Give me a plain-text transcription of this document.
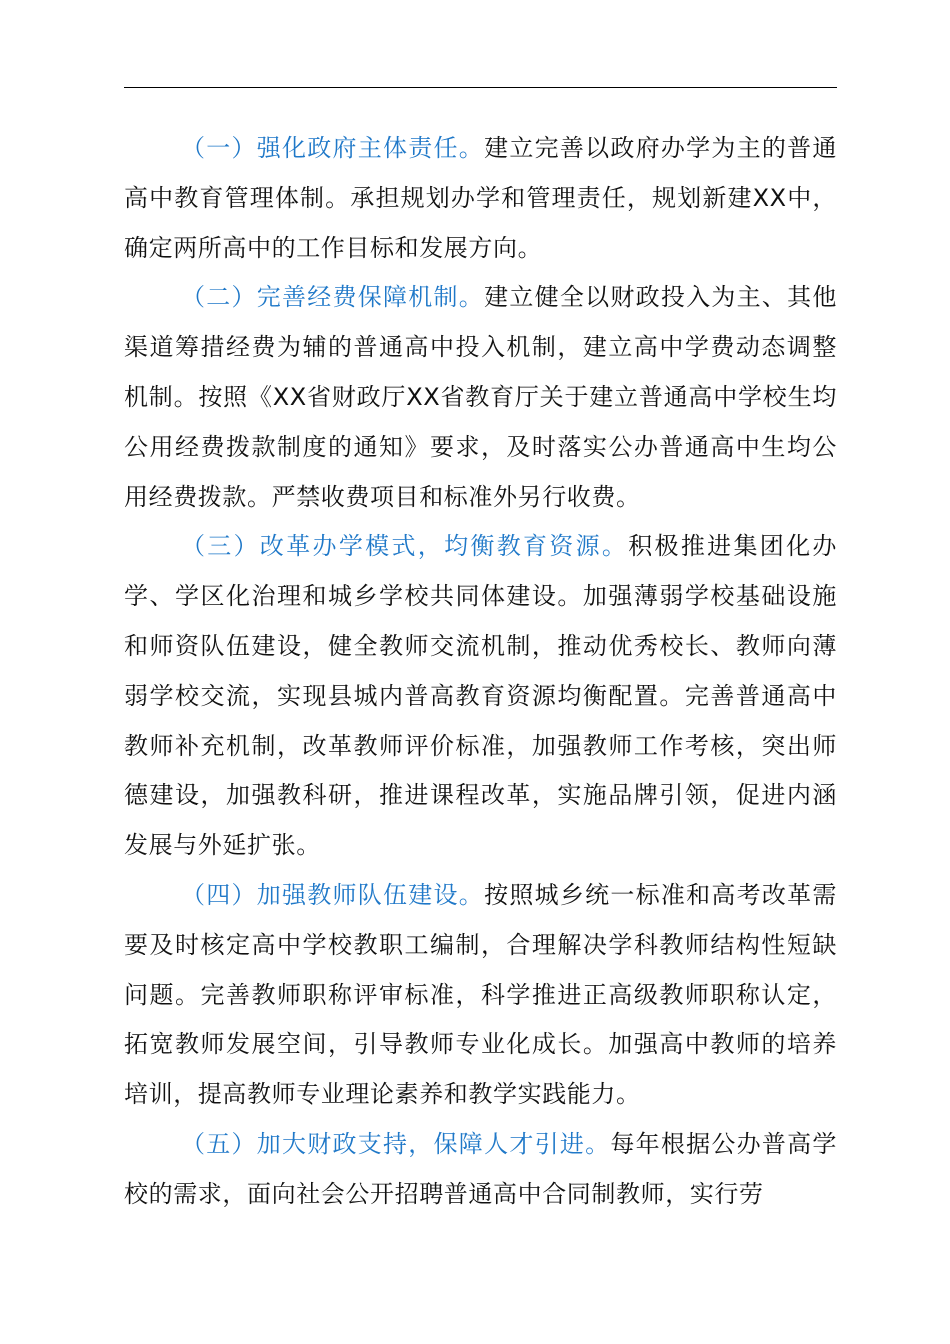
（一）强化政府主体责任。建立完善以政府办学为主的普通高中教育管理体制。承担规划办学和管理责任，规划新建XX中，确定两所高中的工作目标和发展方向。

（二）完善经费保障机制。建立健全以财政投入为主、其他渠道筹措经费为辅的普通高中投入机制，建立高中学费动态调整机制。按照《XX省财政厅XX省教育厅关于建立普通高中学校生均公用经费拨款制度的通知》要求，及时落实公办普通高中生均公用经费拨款。严禁收费项目和标准外另行收费。

（三）改革办学模式，均衡教育资源。积极推进集团化办学、学区化治理和城乡学校共同体建设。加强薄弱学校基础设施和师资队伍建设，健全教师交流机制，推动优秀校长、教师向薄弱学校交流，实现县城内普高教育资源均衡配置。完善普通高中教师补充机制，改革教师评价标准，加强教师工作考核，突出师德建设，加强教科研，推进课程改革，实施品牌引领，促进内涵发展与外延扩张。

（四）加强教师队伍建设。按照城乡统一标准和高考改革需要及时核定高中学校教职工编制，合理解决学科教师结构性短缺问题。完善教师职称评审标准，科学推进正高级教师职称认定，拓宽教师发展空间，引导教师专业化成长。加强高中教师的培养培训，提高教师专业理论素养和教学实践能力。

（五）加大财政支持，保障人才引进。每年根据公办普高学校的需求，面向社会公开招聘普通高中合同制教师，实行劳
